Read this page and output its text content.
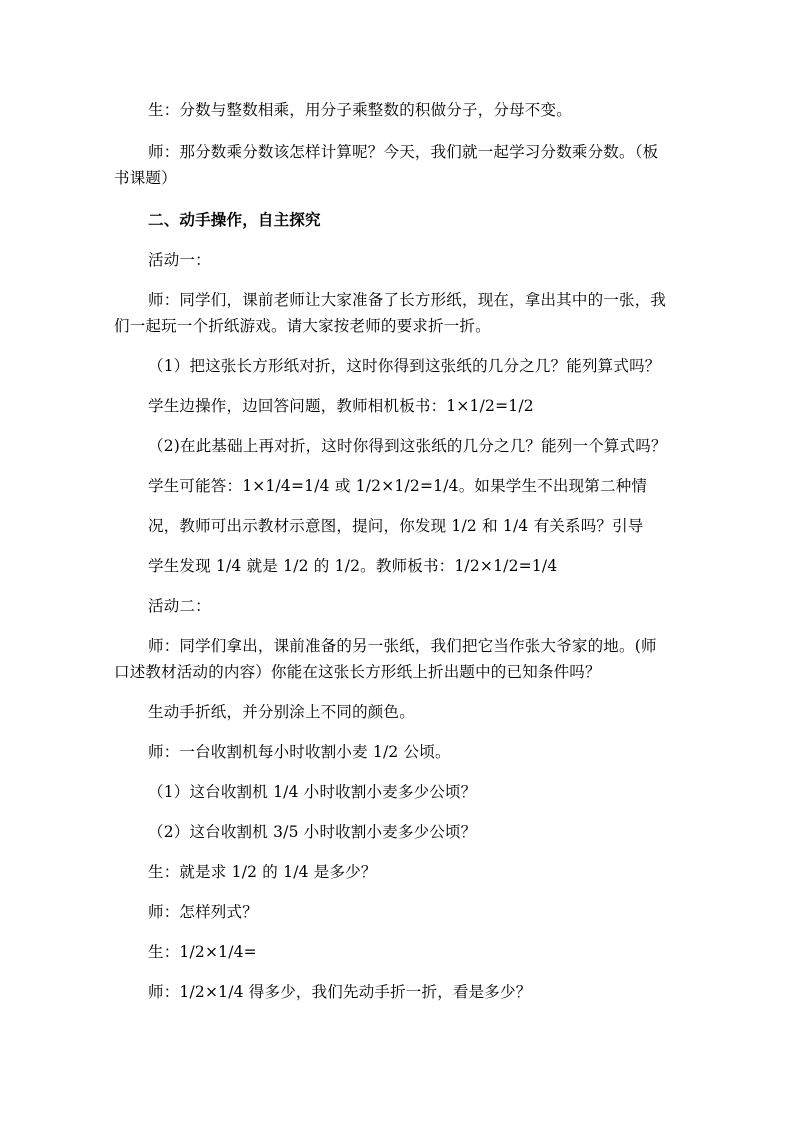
生：分数与整数相乘，用分子乘整数的积做分子，分母不变。
师：那分数乘分数该怎样计算呢？今天，我们就一起学习分数乘分数。（板
书课题）
二、动手操作，自主探究
活动一：
师：同学们，课前老师让大家准备了长方形纸，现在，拿出其中的一张，我
们一起玩一个折纸游戏。请大家按老师的要求折一折。
（1）把这张长方形纸对折，这时你得到这张纸的几分之几？能列算式吗？
学生边操作，边回答问题，教师相机板书：1×1/2=1/2
（2)在此基础上再对折，这时你得到这张纸的几分之几？能列一个算式吗？
学生可能答：1×1/4=1/4 或 1/2×1/2=1/4。如果学生不出现第二种情
况，教师可出示教材示意图，提问，你发现 1/2 和 1/4 有关系吗？引导
学生发现 1/4 就是 1/2 的 1/2。教师板书：1/2×1/2=1/4
活动二：
师：同学们拿出，课前准备的另一张纸，我们把它当作张大爷家的地。(师
口述教材活动的内容）你能在这张长方形纸上折出题中的已知条件吗？
生动手折纸，并分别涂上不同的颜色。
师：一台收割机每小时收割小麦 1/2 公顷。
（1）这台收割机 1/4 小时收割小麦多少公顷？
（2）这台收割机 3/5 小时收割小麦多少公顷？
生：就是求 1/2 的 1/4 是多少？
师：怎样列式？
生：1/2×1/4=
师：1/2×1/4 得多少，我们先动手折一折，看是多少？
